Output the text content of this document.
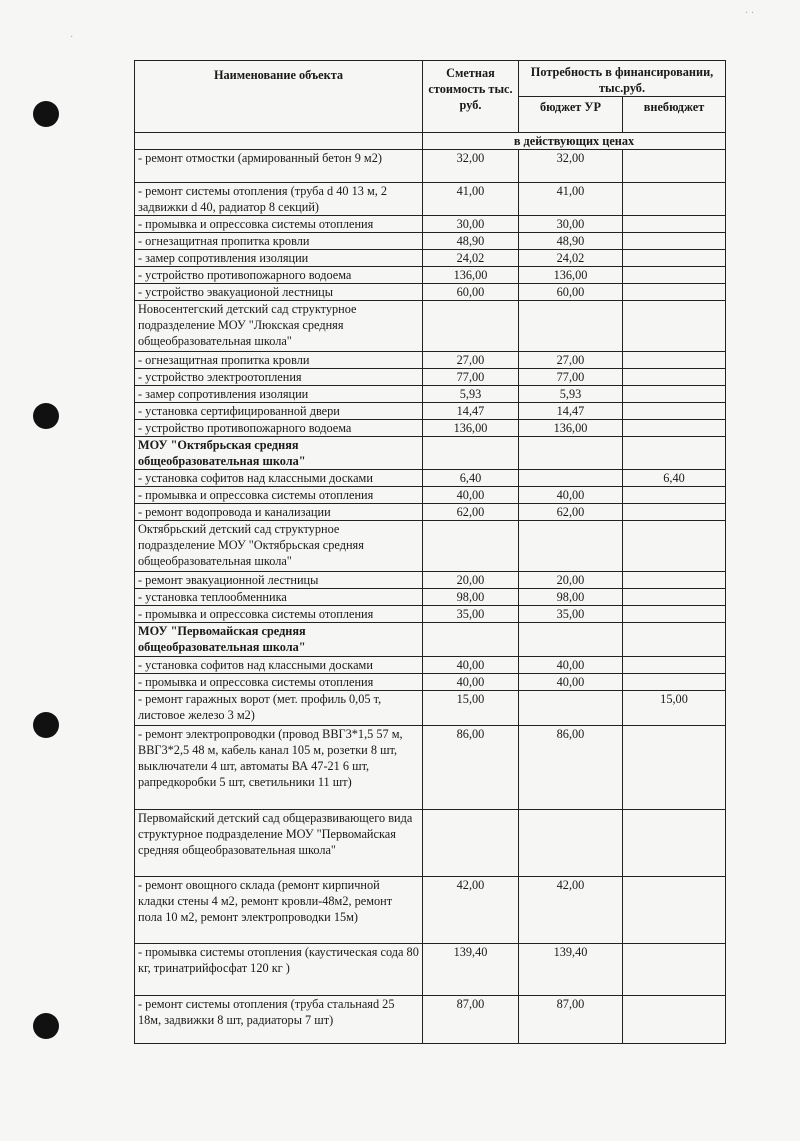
· ·
·
Наименование объекта	Сметная стоимость тыс. руб.	Потребность в финансировании, тыс.руб.	
		бюджет УР	внебюджет
	в действующих ценах		
- ремонт отмостки (армированный бетон 9 м2)	32,00	32,00	
- ремонт системы отопления (труба d 40 13 м, 2 задвижки d 40, радиатор 8 секций)	41,00	41,00	
- промывка и опрессовка системы отопления	30,00	30,00	
- огнезащитная пропитка кровли	48,90	48,90	
- замер сопротивления изоляции	24,02	24,02	
- устройство противопожарного водоема	136,00	136,00	
- устройство эвакуационой лестницы	60,00	60,00	
Новосентегский детский сад структурное подразделение МОУ "Люкская средняя общеобразовательная школа"			
- огнезащитная пропитка кровли	27,00	27,00	
- устройство электроотопления	77,00	77,00	
- замер сопротивления изоляции	5,93	5,93	
- установка сертифицированной двери	14,47	14,47	
- устройство противопожарного водоема	136,00	136,00	
МОУ "Октябрьская средняя общеобразовательная школа"			
- установка софитов над классными досками	6,40		6,40
- промывка и опрессовка системы отопления	40,00	40,00	
- ремонт водопровода и канализации	62,00	62,00	
Октябрьский детский сад структурное подразделение МОУ "Октябрьская средняя общеобразовательная школа"			
- ремонт эвакуационной лестницы	20,00	20,00	
- установка теплообменника	98,00	98,00	
- промывка и опрессовка системы отопления	35,00	35,00	
МОУ "Первомайская средняя общеобразовательная школа"			
- установка софитов над классными досками	40,00	40,00	
- промывка и опрессовка системы отопления	40,00	40,00	
- ремонт гаражных ворот (мет. профиль 0,05 т, листовое железо 3 м2)	15,00		15,00
- ремонт электропроводки (провод ВВГ3*1,5 57 м, ВВГ3*2,5 48 м, кабель канал 105 м, розетки 8 шт, выключатели 4 шт, автоматы ВА 47-21 6 шт, рапредкоробки 5 шт, светильники 11 шт)	86,00	86,00	
Первомайский детский сад общеразвивающего вида структурное подразделение МОУ "Первомайская средняя общеобразовательная школа"			
- ремонт овощного склада (ремонт кирпичной кладки стены 4 м2, ремонт кровли-48м2, ремонт пола 10 м2, ремонт электропроводки 15м)	42,00	42,00	
- промывка системы отопления (каустическая сода 80 кг, тринатрийфосфат 120 кг )	139,40	139,40	
- ремонт системы отопления (труба стальнаяd 25 18м, задвижки 8 шт, радиаторы 7 шт)	87,00	87,00	
